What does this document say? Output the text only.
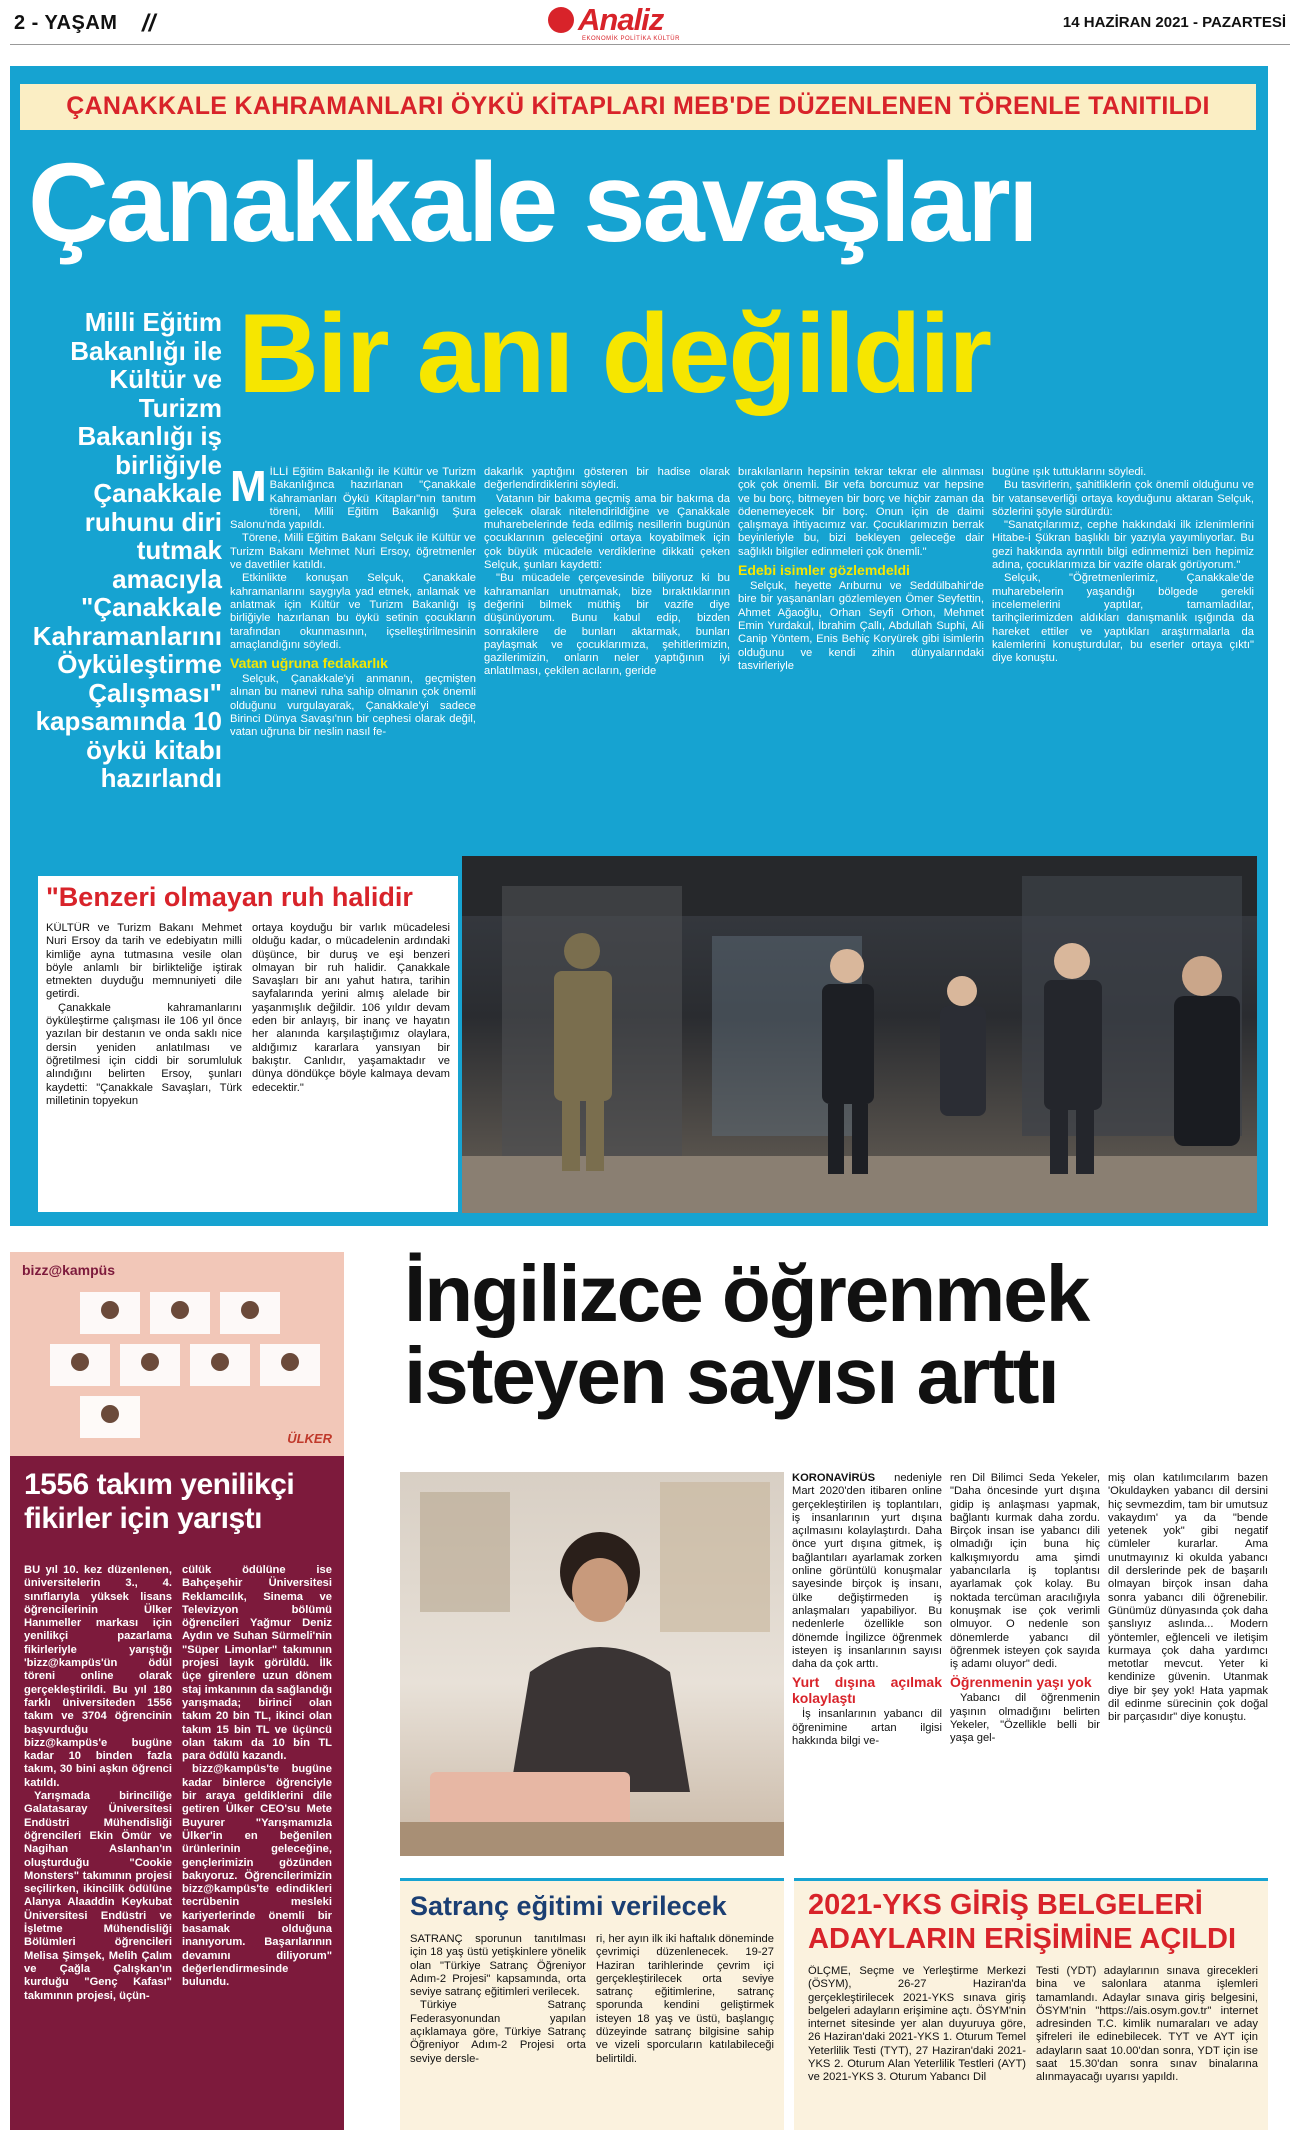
2 - YAŞAM //	Analiz
EKONOMİK POLİTİKA KÜLTÜR
14 HAZİRAN 2021 - PAZARTESİ
ÇANAKKALE KAHRAMANLARI ÖYKÜ KİTAPLARI MEB'DE DÜZENLENEN TÖRENLE TANITILDI
Çanakkale savaşları
Bir anı değildir
Milli Eğitim Bakanlığı ile Kültür ve Turizm Bakanlığı iş birliğiyle Çanakkale ruhunu diri tutmak amacıyla "Çanakkale Kahramanlarını Öyküleştirme Çalışması" kapsamında 10 öykü kitabı hazırlandı
M İLLİ Eğitim Bakanlığı ile Kültür ve Turizm Bakanlığınca hazırlanan "Çanakkale Kahramanları Öykü Kitapları"nın tanıtım töreni, Milli Eğitim Bakanlığı Şura Salonu'nda yapıldı.

Törene, Milli Eğitim Bakanı Selçuk ile Kültür ve Turizm Bakanı Mehmet Nuri Ersoy, öğretmenler ve davetliler katıldı.

Etkinlikte konuşan Selçuk, Çanakkale kahramanlarını saygıyla yad etmek, anlamak ve anlatmak için Kültür ve Turizm Bakanlığı iş birliğiyle hazırlanan bu öykü setinin çocukların tarafından okunmasının, içselleştirilmesinin amaçlandığını söyledi.

Vatan uğruna fedakarlık

Selçuk, Çanakkale'yi anmanın, geçmişten alınan bu manevi ruha sahip olmanın çok önemli olduğunu vurgulayarak, Çanakkale'yi sadece Birinci Dünya Savaşı'nın bir cephesi olarak değil, vatan uğruna bir neslin nasıl fe-

dakarlık yaptığını gösteren bir hadise olarak değerlendirdiklerini söyledi.

Vatanın bir bakıma geçmiş ama bir bakıma da gelecek olarak nitelendirildiğine ve Çanakkale muharebelerinde feda edilmiş nesillerin bugünün çocuklarının geleceğini ortaya koyabilmek için çok büyük mücadele verdiklerine dikkati çeken Selçuk, şunları kaydetti:

"Bu mücadele çerçevesinde biliyoruz ki bu kahramanları unutmamak, bize bıraktıklarının değerini bilmek müthiş bir vazife diye düşünüyorum. Bunu kabul edip, bizden sonrakilere de bunları aktarmak, bunları paylaşmak ve çocuklarımıza, şehitlerimizin, gazilerimizin, onların neler yaptığının iyi anlatılması, çekilen acıların, geride

bırakılanların hepsinin tekrar tekrar ele alınması çok çok önemli. Bir vefa borcumuz var hepsine ve bu borç, bitmeyen bir borç ve hiçbir zaman da ödenemeyecek bir borç. Onun için de daimi çalışmaya ihtiyacımız var. Çocuklarımızın berrak beyinleriyle bu, bizi bekleyen geleceğe dair sağlıklı bilgiler edinmeleri çok önemli."

Edebi isimler gözlemdeldi

Selçuk, heyette Arıburnu ve Seddülbahir'de bire bir yaşananları gözlemleyen Ömer Seyfettin, Ahmet Ağaoğlu, Orhan Seyfi Orhon, Mehmet Emin Yurdakul, İbrahim Çallı, Abdullah Suphi, Ali Canip Yöntem, Enis Behiç Koryürek gibi isimlerin olduğunu ve kendi zihin dünyalarındaki tasvirleriyle

bugüne ışık tuttuklarını söyledi.

Bu tasvirlerin, şahitliklerin çok önemli olduğunu ve bir vatanseverliği ortaya koyduğunu aktaran Selçuk, sözlerini şöyle sürdürdü:

"Sanatçılarımız, cephe hakkındaki ilk izlenimlerini Hitabe-i Şükran başlıklı bir yazıyla yayımlıyorlar. Bu gezi hakkında ayrıntılı bilgi edinmemizi ben hepimiz adına, çocuklarımıza bir vazife olarak görüyorum."

Selçuk, "Öğretmenlerimiz, Çanakkale'de muharebelerin yaşandığı bölgede gerekli incelemelerini yaptılar, tamamladılar, tarihçilerimizden aldıkları danışmanlık ışığında da hareket ettiler ve yaptıkları araştırmalarla da kalemlerini konuşturdular, bu eserler ortaya çıktı" diye konuştu.

"Benzeri olmayan ruh halidir

KÜLTÜR ve Turizm Bakanı Mehmet Nuri Ersoy da tarih ve edebiyatın milli kimliğe ayna tutmasına vesile olan böyle anlamlı bir birlikteliğe iştirak etmekten duyduğu memnuniyeti dile getirdi.

Çanakkale kahramanlarını öyküleştirme çalışması ile 106 yıl önce yazılan bir destanın ve onda saklı nice dersin yeniden anlatılması ve öğretilmesi için ciddi bir sorumluluk alındığını belirten Ersoy, şunları kaydetti: "Çanakkale Savaşları, Türk milletinin topyekun

ortaya koyduğu bir varlık mücadelesi olduğu kadar, o mücadelenin ardındaki düşünce, bir duruş ve eşi benzeri olmayan bir ruh halidir. Çanakkale Savaşları bir anı yahut hatıra, tarihin sayfalarında yerini almış alelade bir yaşanmışlık değildir. 106 yıldır devam eden bir anlayış, bir inanç ve hayatın her alanında karşılaştığımız olaylara, aldığımız kararlara yansıyan bir bakıştır. Canlıdır, yaşamaktadır ve dünya döndükçe böyle kalmaya devam edecektir."

bizz@kampüs
ÜLKER
1556 takım yenilikçi fikirler için yarıştı

BU yıl 10. kez düzenlenen, üniversitelerin 3., 4. sınıflarıyla yüksek lisans öğrencilerinin Ülker Hanımeller markası için yenilikçi pazarlama fikirleriyle yarıştığı 'bizz@kampüs'ün ödül töreni online olarak gerçekleştirildi. Bu yıl 180 farklı üniversiteden 1556 takım ve 3704 öğrencinin başvurduğu bizz@kampüs'e bugüne kadar 10 binden fazla takım, 30 bini aşkın öğrenci katıldı.

Yarışmada birinciliğe Galatasaray Üniversitesi Endüstri Mühendisliği öğrencileri Ekin Ömür ve Nagihan Aslanhan'ın oluşturduğu "Cookie Monsters" takımının projesi seçilirken, ikincilik ödülüne Alanya Alaaddin Keykubat Üniversitesi Endüstri ve İşletme Mühendisliği Bölümleri öğrencileri Melisa Şimşek, Melih Çalım ve Çağla Çalışkan'ın kurduğu "Genç Kafası" takımının projesi, üçün-

cülük ödülüne ise Bahçeşehir Üniversitesi Reklamcılık, Sinema ve Televizyon bölümü öğrencileri Yağmur Deniz Aydın ve Suhan Sürmeli'nin "Süper Limonlar" takımının projesi layık görüldü. İlk üçe girenlere uzun dönem staj imkanının da sağlandığı yarışmada; birinci olan takım 20 bin TL, ikinci olan takım 15 bin TL ve üçüncü olan takım da 10 bin TL para ödülü kazandı.

bizz@kampüs'te bugüne kadar binlerce öğrenciyle bir araya geldiklerini dile getiren Ülker CEO'su Mete Buyurer "Yarışmamızla Ülker'in en beğenilen ürünlerinin geleceğine, gençlerimizin gözünden bakıyoruz. Öğrencilerimizin bizz@kampüs'te edindikleri tecrübenin mesleki kariyerlerinde önemli bir basamak olduğuna inanıyorum. Başarılarının devamını diliyorum" değerlendirmesinde bulundu.

İngilizce öğrenmek
isteyen sayısı arttı

KORONAVİRÜS nedeniyle Mart 2020'den itibaren online gerçekleştirilen iş toplantıları, iş insanlarının yurt dışına açılmasını kolaylaştırdı. Daha önce yurt dışına gitmek, iş bağlantıları ayarlamak zorken online görüntülü konuşmalar sayesinde birçok iş insanı, ülke değiştirmeden iş anlaşmaları yapabiliyor. Bu nedenlerle özellikle son dönemde İngilizce öğrenmek isteyen iş insanlarının sayısı daha da çok arttı.

Yurt dışına açılmak kolaylaştı

İş insanlarının yabancı dil öğrenimine artan ilgisi hakkında bilgi ve-

ren Dil Bilimci Seda Yekeler, "Daha öncesinde yurt dışına gidip iş anlaşması yapmak, bağlantı kurmak daha zordu. Birçok insan ise yabancı dili olmadığı için buna hiç kalkışmıyordu ama şimdi yabancılarla iş toplantısı ayarlamak çok kolay. Bu noktada tercüman aracılığıyla konuşmak ise çok verimli olmuyor. O nedenle son dönemlerde yabancı dil öğrenmek isteyen çok sayıda iş adamı oluyor" dedi.

Öğrenmenin yaşı yok

Yabancı dil öğrenmenin yaşının olmadığını belirten Yekeler, "Özellikle belli bir yaşa gel-

miş olan katılımcılarım bazen 'Okuldayken yabancı dil dersini hiç sevmezdim, tam bir umutsuz vakaydım' ya da "bende yetenek yok" gibi negatif cümleler kurarlar. Ama unutmayınız ki okulda yabancı dil derslerinde pek de başarılı olmayan birçok insan daha sonra yabancı dili öğrenebilir. Günümüz dünyasında çok daha şanslıyız aslında... Modern yöntemler, eğlenceli ve iletişim kurmaya çok daha yardımcı metotlar mevcut. Yeter ki kendinize güvenin. Utanmak diye bir şey yok! Hata yapmak dil edinme sürecinin çok doğal bir parçasıdır" diye konuştu.

Satranç eğitimi verilecek

SATRANÇ sporunun tanıtılması için 18 yaş üstü yetişkinlere yönelik olan "Türkiye Satranç Öğreniyor Adım-2 Projesi" kapsamında, orta seviye satranç eğitimleri verilecek.

Türkiye Satranç Federasyonundan yapılan açıklamaya göre, Türkiye Satranç Öğreniyor Adım-2 Projesi orta seviye dersle-

ri, her ayın ilk iki haftalık döneminde çevrimiçi düzenlenecek. 19-27 Haziran tarihlerinde çevrim içi gerçekleştirilecek orta seviye satranç eğitimlerine, satranç sporunda kendini geliştirmek isteyen 18 yaş ve üstü, başlangıç düzeyinde satranç bilgisine sahip ve vizeli sporcuların katılabileceği belirtildi.

2021-YKS GİRİŞ BELGELERİ
ADAYLARIN ERİŞİMİNE AÇILDI

ÖLÇME, Seçme ve Yerleştirme Merkezi (ÖSYM), 26-27 Haziran'da gerçekleştirilecek 2021-YKS sınava giriş belgeleri adayların erişimine açtı. ÖSYM'nin internet sitesinde yer alan duyuruya göre, 26 Haziran'daki 2021-YKS 1. Oturum Temel Yeterlilik Testi (TYT), 27 Haziran'daki 2021-YKS 2. Oturum Alan Yeterlilik Testleri (AYT) ve 2021-YKS 3. Oturum Yabancı Dil

Testi (YDT) adaylarının sınava girecekleri bina ve salonlara atanma işlemleri tamamlandı. Adaylar sınava giriş belgesini, ÖSYM'nin "https://ais.osym.gov.tr" internet adresinden T.C. kimlik numaraları ve aday şifreleri ile edinebilecek. TYT ve AYT için adayların saat 10.00'dan sonra, YDT için ise saat 15.30'dan sonra sınav binalarına alınmayacağı uyarısı yapıldı.
